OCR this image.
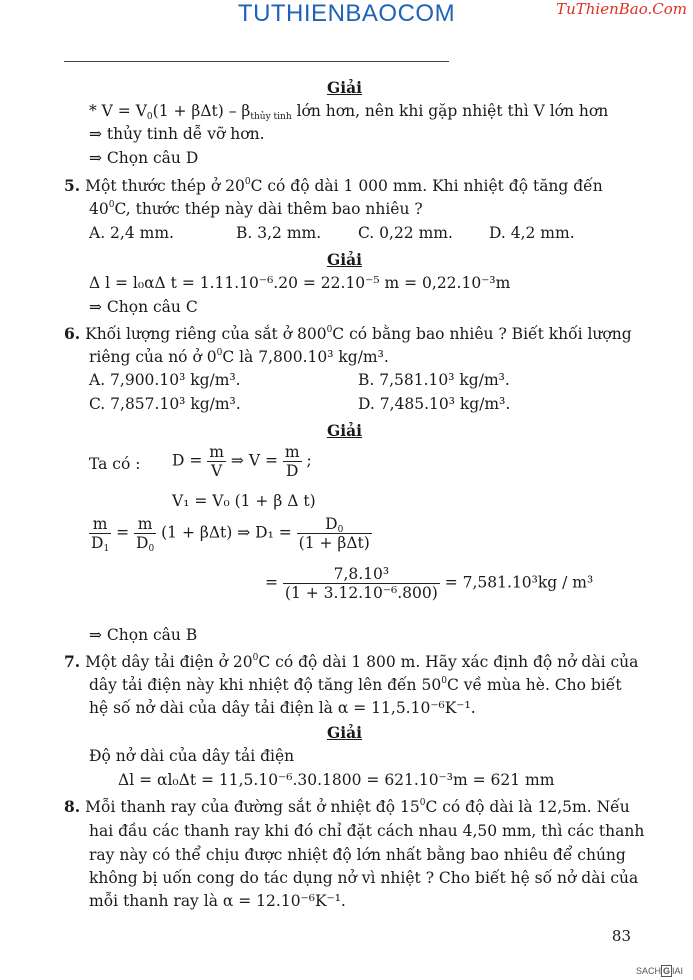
TUTHIENBAOCOM	TuThienBao.Com
Giải
* $V = V_0(1 + \beta\Delta t) - \beta_{thủy tinh}$ lớn hơn, nên khi gặp nhiệt thì V lớn hơn
⇒ thủy tinh dễ vỡ hơn.
⇒ Chọn câu D
5. Một thước thép ở $20^0C$ có độ dài 1 000 mm. Khi nhiệt độ tăng đến
$40^0C$, thước thép này dài thêm bao nhiêu ?
A. 2,4 mm.	B. 3,2 mm. C. 0,22 mm. D. 4,2 mm.
Giải
Δ l = l₀αΔ t = 1.11.10⁻⁶.20 = 22.10⁻⁵ m = 0,22.10⁻³m
⇒ Chọn câu C
6. Khối lượng riêng của sắt ở $800^0C$ có bằng bao nhiêu ? Biết khối lượng
riêng của nó ở $0^0C$ là 7,800.10³ kg/m³.
A. 7,900.10³ kg/m³.	B. 7,581.10³ kg/m³.
C. 7,857.10³ kg/m³.	D. 7,485.10³ kg/m³.
Giải
Ta có : $D = \frac{m}{V}$ ⇒ $V = \frac{m}{D}$ ;
V₁ = V₀ (1 + β Δ t)
$\frac{m}{D_1} = \frac{m}{D_0} (1 + \beta\Delta t)$ ⇒ $D_1 = \frac{D_0}{\text{(1 + βΔt)}}$
= $\frac{\text{7,8.10³}}{\text{(1 + 3.12.10⁻⁶.800)}} = 7,581.10^3kg / m^3$
⇒ Chọn câu B
7. Một dây tải điện ở $20^0C$ có độ dài 1 800 m. Hãy xác định độ nở dài của
dây tải điện này khi nhiệt độ tăng lên đến $50^0C$ về mùa hè. Cho biết
hệ số nở dài của dây tải điện là α = 11,5.10⁻⁶K⁻¹.
Giải
Độ nở dài của dây tải điện
Δl = αl₀Δt = 11,5.10⁻⁶.30.1800 = 621.10⁻³m = 621 mm
8. Mỗi thanh ray của đường sắt ở nhiệt độ $15^0C$ có độ dài là 12,5m. Nếu
hai đầu các thanh ray khi đó chỉ đặt cách nhau 4,50 mm, thì các thanh
ray này có thể chịu được nhiệt độ lớn nhất bằng bao nhiêu để chúng
không bị uốn cong do tác dụng nở vì nhiệt ? Cho biết hệ số nở dài của
mỗi thanh ray là α = 12.10⁻⁶K⁻¹.
83
SACH G IAI
